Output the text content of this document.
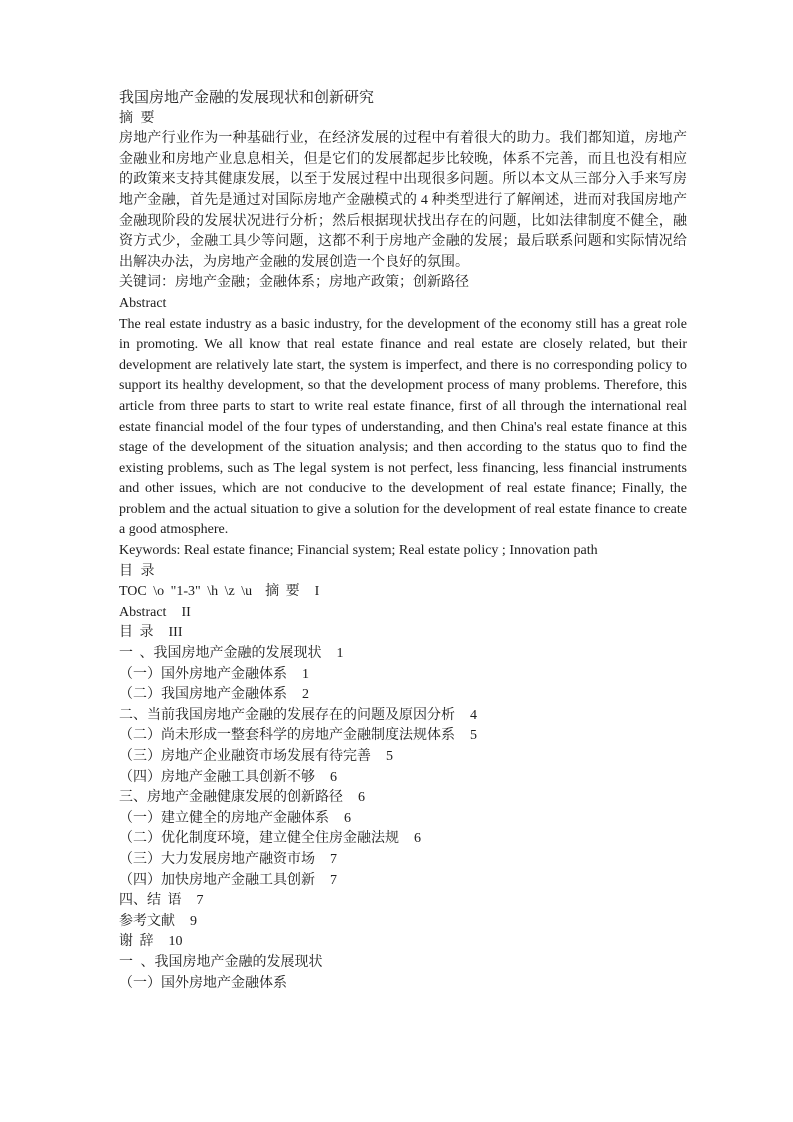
我国房地产金融的发展现状和创新研究
摘 要

房地产行业作为一种基础行业，在经济发展的过程中有着很大的助力。我们都知道，房地产金融业和房地产业息息相关，但是它们的发展都起步比较晚，体系不完善，而且也没有相应的政策来支持其健康发展，以至于发展过程中出现很多问题。所以本文从三部分入手来写房地产金融，首先是通过对国际房地产金融模式的 4 种类型进行了解阐述，进而对我国房地产金融现阶段的发展状况进行分析；然后根据现状找出存在的问题，比如法律制度不健全，融资方式少，金融工具少等问题，这都不利于房地产金融的发展；最后联系问题和实际情况给出解决办法，为房地产金融的发展创造一个良好的氛围。

关键词：房地产金融；金融体系；房地产政策；创新路径
Abstract

The real estate industry as a basic industry, for the development of the economy still has a great role in promoting. We all know that real estate finance and real estate are closely related, but their development are relatively late start, the system is imperfect, and there is no corresponding policy to support its healthy development, so that the development process of many problems. Therefore, this article from three parts to start to write real estate finance, first of all through the international real estate financial model of the four types of understanding, and then China's real estate finance at this stage of the development of the situation analysis; and then according to the status quo to find the existing problems, such as The legal system is not perfect, less financing, less financial instruments and other issues, which are not conducive to the development of real estate finance; Finally, the problem and the actual situation to give a solution for the development of real estate finance to create a good atmosphere.

Keywords: Real estate finance; Financial system; Real estate policy ; Innovation path
目 录
TOC \o "1-3" \h \z \u  摘 要 I
Abstract II
目 录 III
一 、我国房地产金融的发展现状 1
（一）国外房地产金融体系 1
（二）我国房地产金融体系 2
二、当前我国房地产金融的发展存在的问题及原因分析 4
（二）尚未形成一整套科学的房地产金融制度法规体系 5
（三）房地产企业融资市场发展有待完善 5
（四）房地产金融工具创新不够 6
三、房地产金融健康发展的创新路径 6
（一）建立健全的房地产金融体系 6
（二）优化制度环境，建立健全住房金融法规 6
（三）大力发展房地产融资市场 7
（四）加快房地产金融工具创新 7
四、结 语 7
参考文献 9
谢 辞 10
一 、我国房地产金融的发展现状
（一）国外房地产金融体系
